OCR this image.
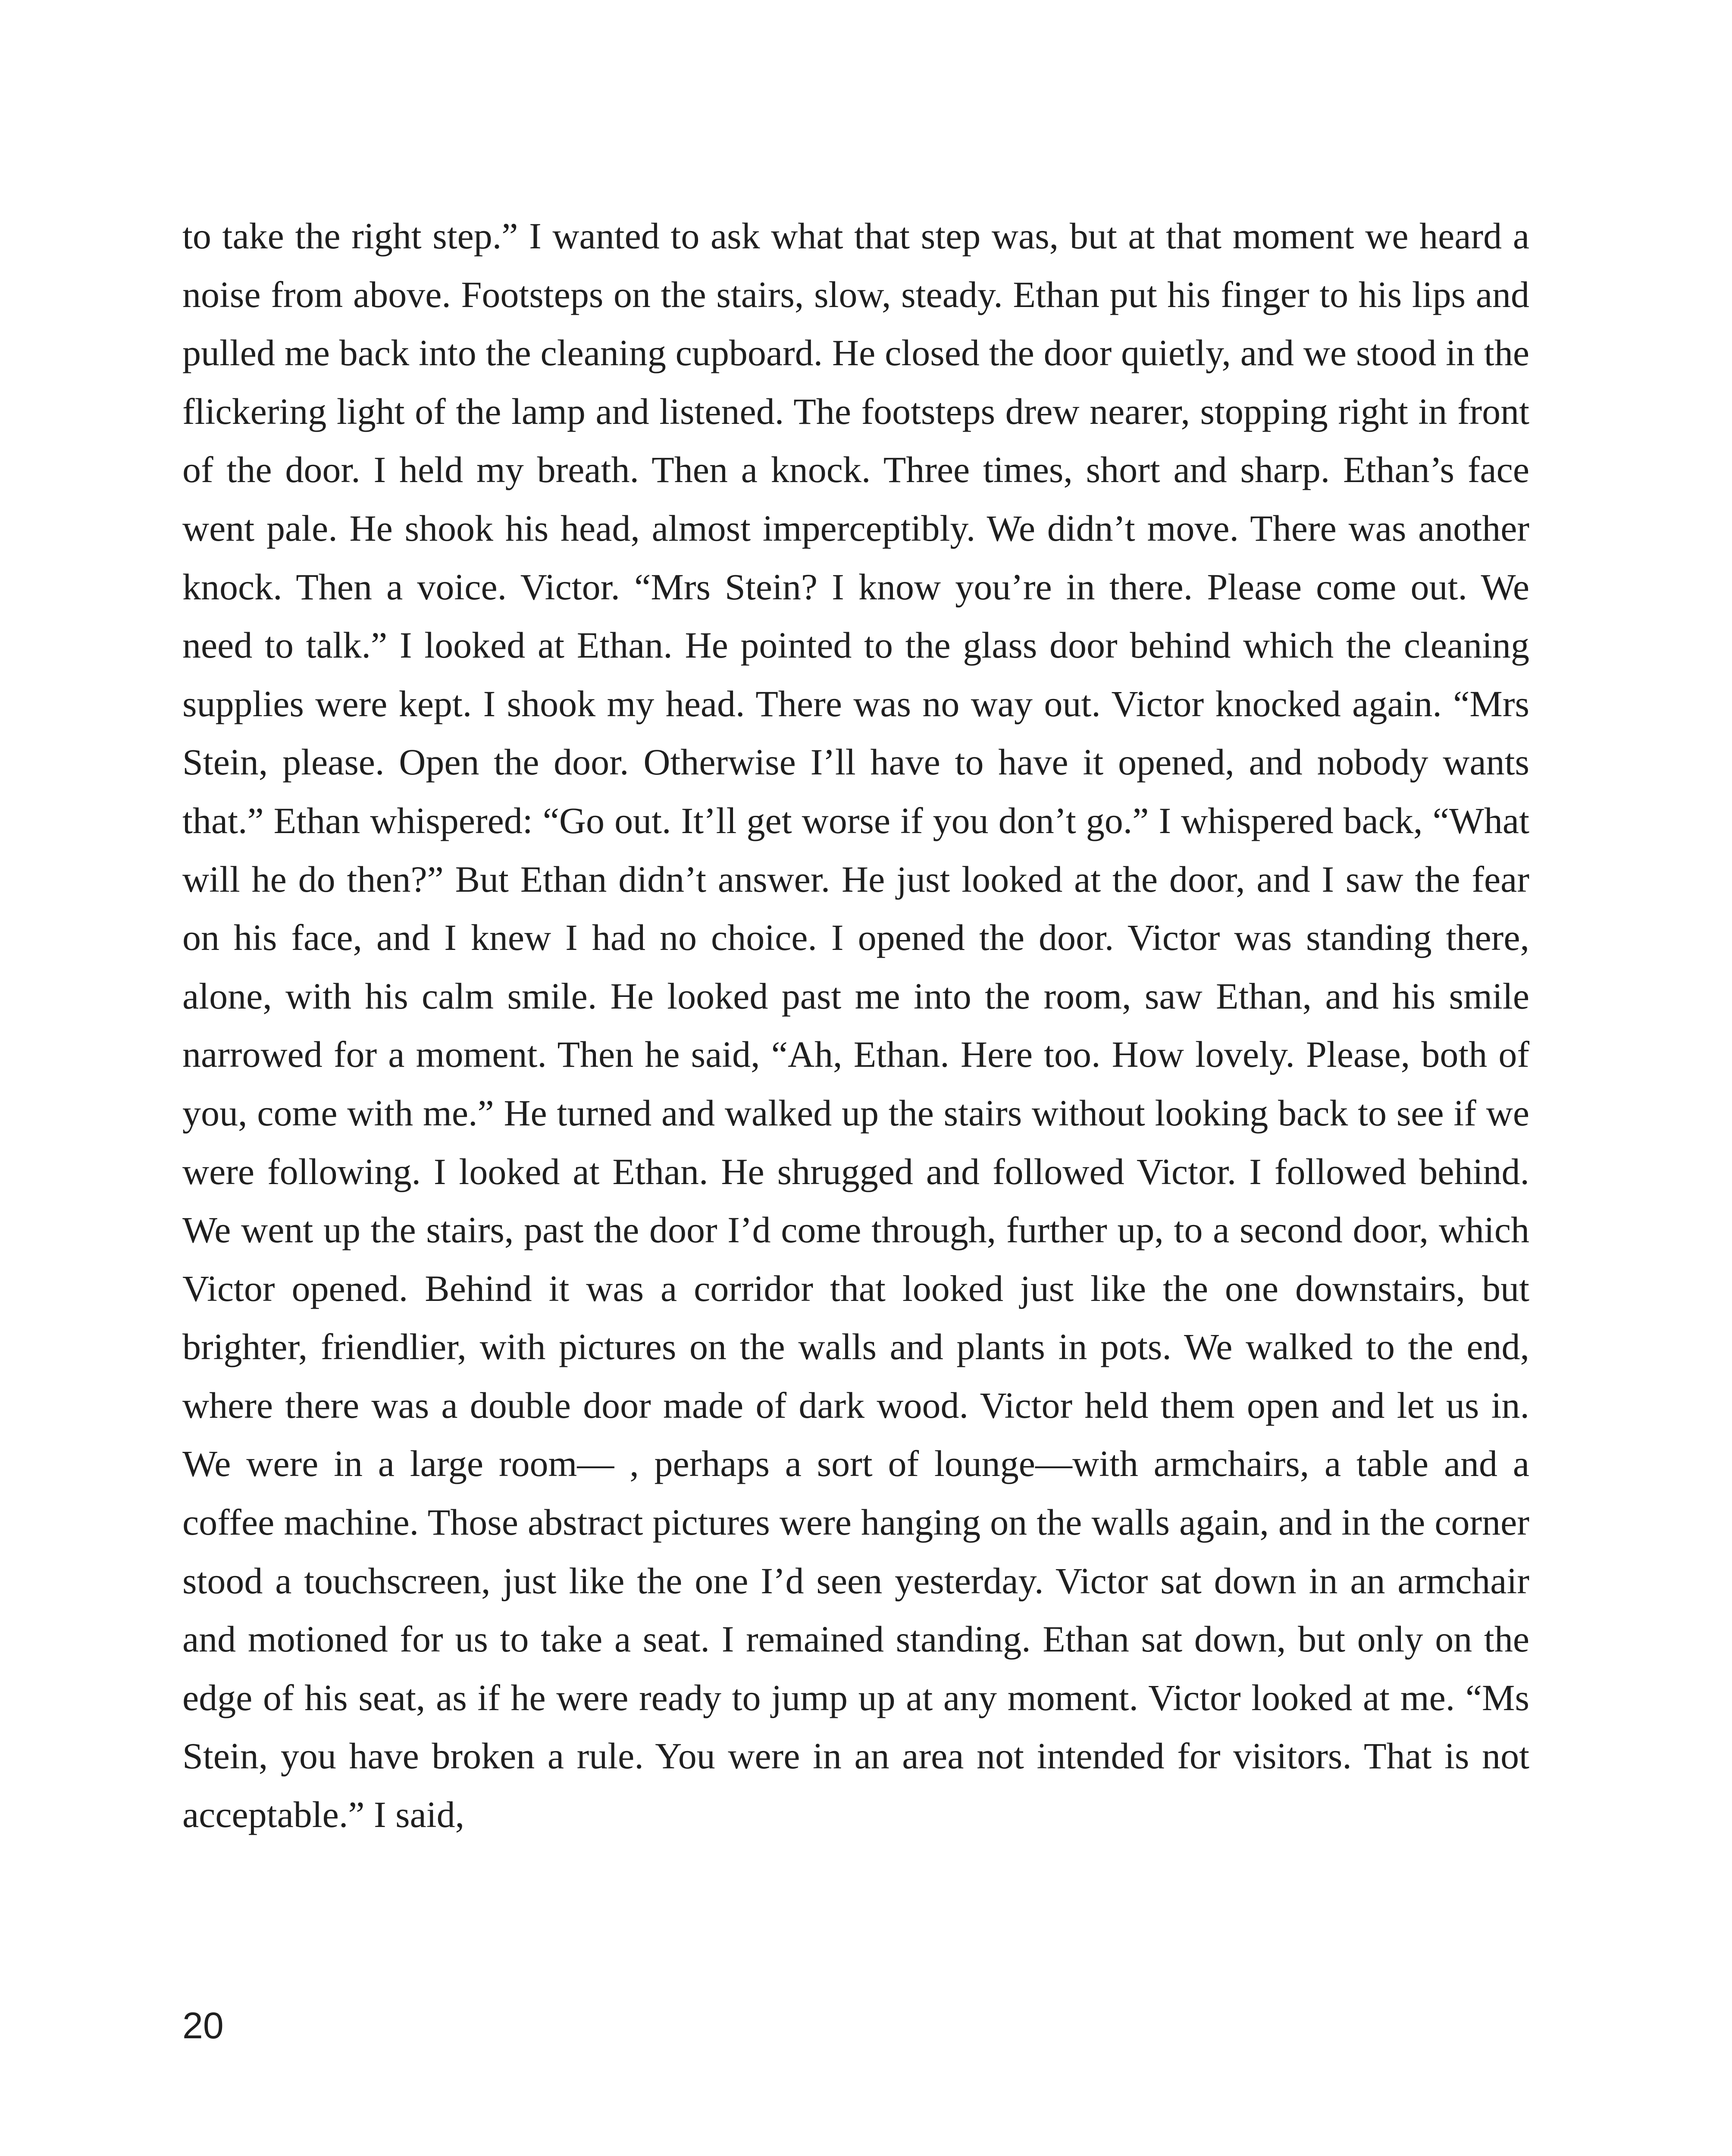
to take the right step.” I wanted to ask what that step was, but at that moment we heard a noise from above. Footsteps on the stairs, slow, steady. Ethan put his finger to his lips and pulled me back into the cleaning cupboard. He closed the door quietly, and we stood in the flickering light of the lamp and listened. The footsteps drew nearer, stopping right in front of the door. I held my breath. Then a knock. Three times, short and sharp. Ethan’s face went pale. He shook his head, almost imperceptibly. We didn’t move. There was another knock. Then a voice. Victor. “Mrs Stein? I know you’re in there. Please come out. We need to talk.” I looked at Ethan. He pointed to the glass door behind which the cleaning supplies were kept. I shook my head. There was no way out. Victor knocked again. “Mrs Stein, please. Open the door. Otherwise I’ll have to have it opened, and nobody wants that.” Ethan whispered: “Go out. It’ll get worse if you don’t go.” I whispered back, “What will he do then?” But Ethan didn’t answer. He just looked at the door, and I saw the fear on his face, and I knew I had no choice. I opened the door. Victor was standing there, alone, with his calm smile. He looked past me into the room, saw Ethan, and his smile narrowed for a moment. Then he said, “Ah, Ethan. Here too. How lovely. Please, both of you, come with me.” He turned and walked up the stairs without looking back to see if we were following. I looked at Ethan. He shrugged and followed Victor. I followed behind. We went up the stairs, past the door I’d come through, further up, to a second door, which Victor opened. Behind it was a corridor that looked just like the one downstairs, but brighter, friendlier, with pictures on the walls and plants in pots. We walked to the end, where there was a double door made of dark wood. Victor held them open and let us in. We were in a large room— , perhaps a sort of lounge—with armchairs, a table and a coffee machine. Those abstract pictures were hanging on the walls again, and in the corner stood a touchscreen, just like the one I’d seen yesterday. Victor sat down in an armchair and motioned for us to take a seat. I remained standing. Ethan sat down, but only on the edge of his seat, as if he were ready to jump up at any moment. Victor looked at me. “Ms Stein, you have broken a rule. You were in an area not intended for visitors. That is not acceptable.” I said,

20
